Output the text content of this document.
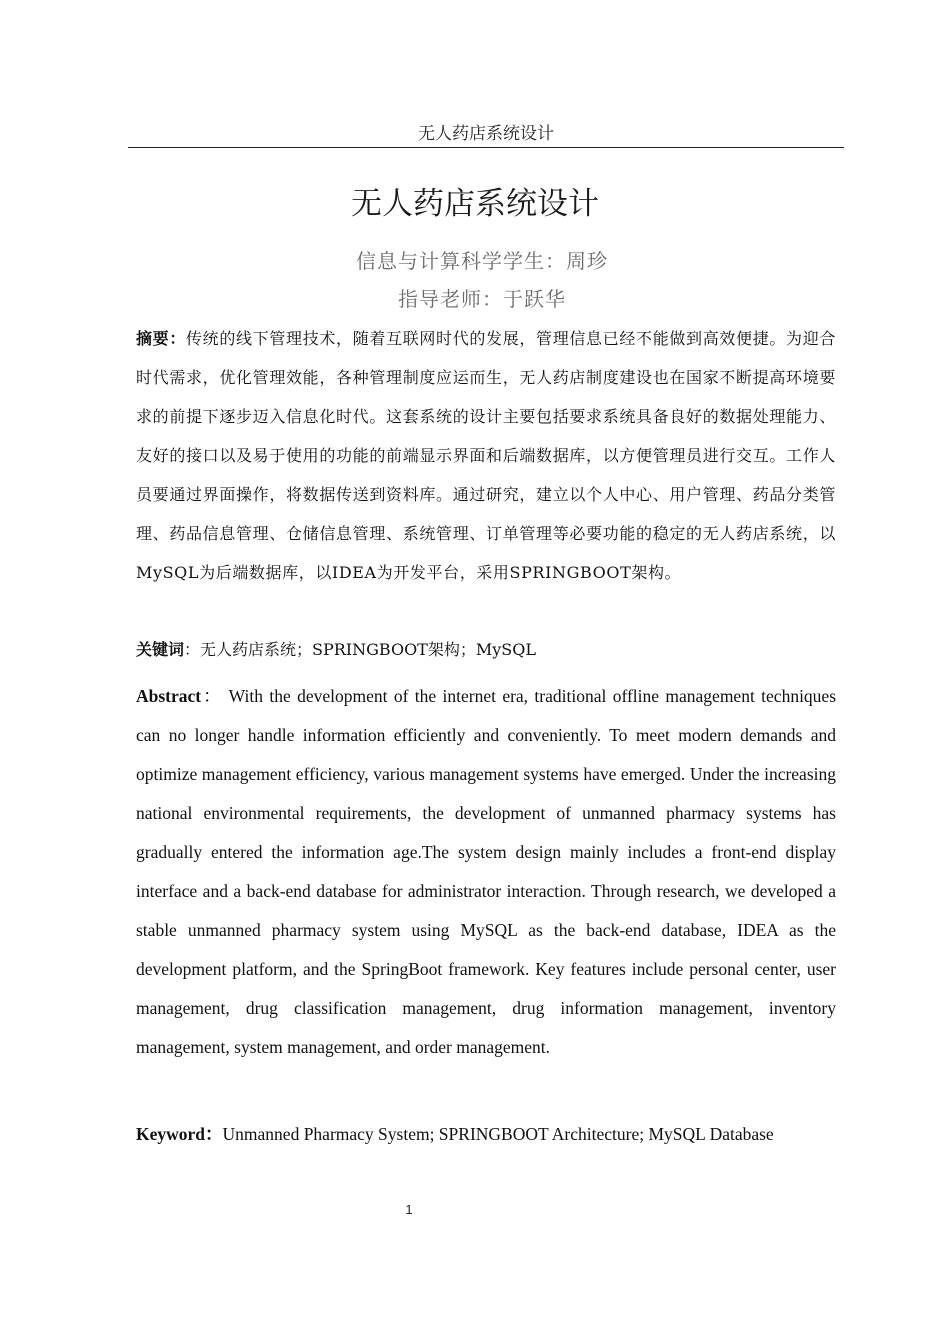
无人药店系统设计
无人药店系统设计
信息与计算科学学生：周珍
指导老师：于跃华
摘要：传统的线下管理技术，随着互联网时代的发展，管理信息已经不能做到高效便捷。为迎合时代需求，优化管理效能，各种管理制度应运而生，无人药店制度建设也在国家不断提高环境要求的前提下逐步迈入信息化时代。这套系统的设计主要包括要求系统具备良好的数据处理能力、友好的接口以及易于使用的功能的前端显示界面和后端数据库，以方便管理员进行交互。工作人员要通过界面操作，将数据传送到资料库。通过研究，建立以个人中心、用户管理、药品分类管理、药品信息管理、仓储信息管理、系统管理、订单管理等必要功能的稳定的无人药店系统，以MySQL为后端数据库，以IDEA为开发平台，采用SPRINGBOOT架构。
关键词：无人药店系统；SPRINGBOOT架构；MySQL
Abstract： With the development of the internet era, traditional offline management techniques can no longer handle information efficiently and conveniently. To meet modern demands and optimize management efficiency, various management systems have emerged. Under the increasing national environmental requirements, the development of unmanned pharmacy systems has gradually entered the information age.The system design mainly includes a front-end display interface and a back-end database for administrator interaction. Through research, we developed a stable unmanned pharmacy system using MySQL as the back-end database, IDEA as the development platform, and the SpringBoot framework. Key features include personal center, user management, drug classification management, drug information management, inventory management, system management, and order management.
Keyword：Unmanned Pharmacy System; SPRINGBOOT Architecture; MySQL Database
1
